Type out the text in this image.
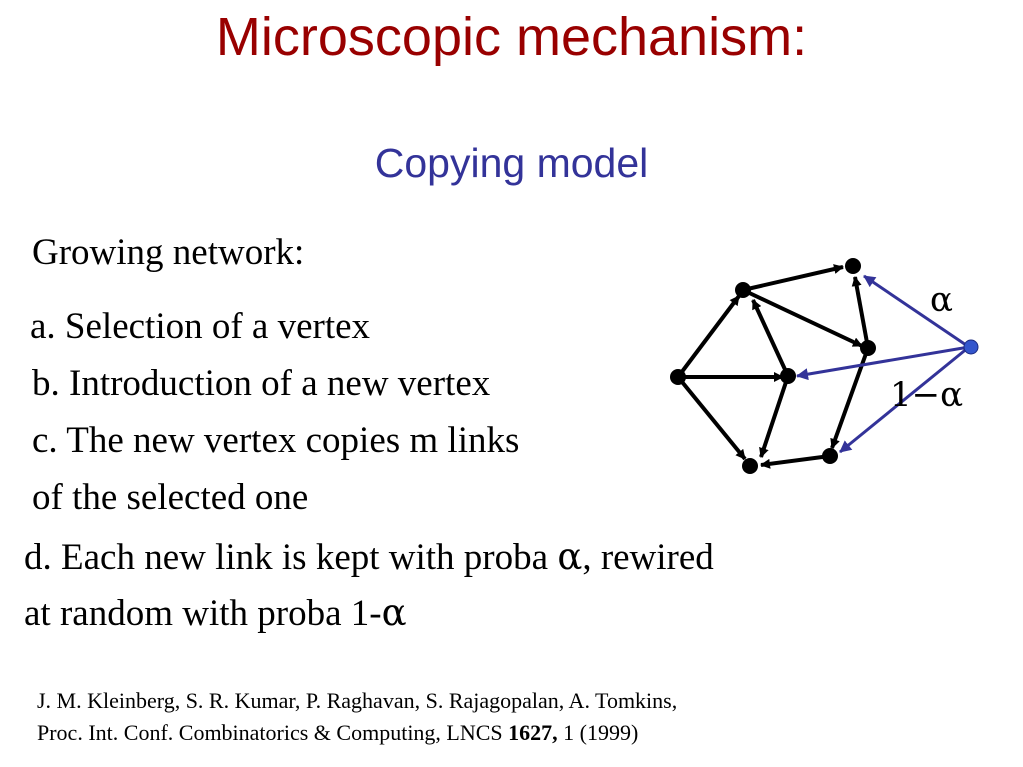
Microscopic mechanism:
Copying model
Growing network:
a. Selection of a vertex
b. Introduction of a new vertex
c. The new vertex copies m links
of the selected one
d. Each new link is kept with proba α, rewired
at random with proba 1-α
α
1−α
J. M. Kleinberg, S. R. Kumar, P. Raghavan, S. Rajagopalan, A. Tomkins,
Proc. Int. Conf. Combinatorics & Computing, LNCS 1627, 1 (1999)
